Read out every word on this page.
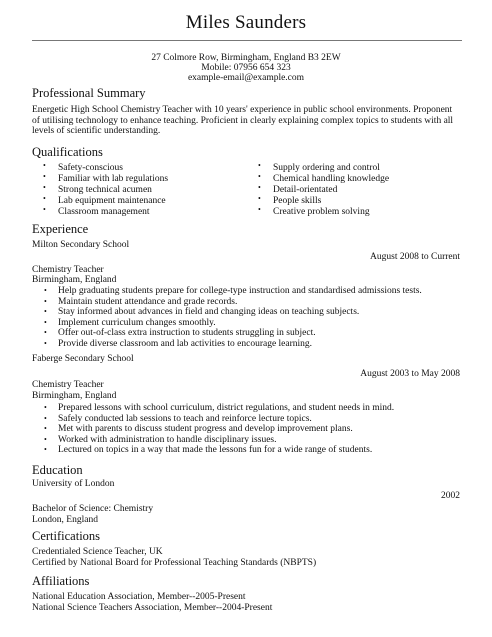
Miles Saunders
27 Colmore Row, Birmingham, England B3 2EW
Mobile: 07956 654 323
example-email@example.com
Professional Summary
Energetic High School Chemistry Teacher with 10 years' experience in public school environments. Proponent of utilising technology to enhance teaching. Proficient in clearly explaining complex topics to students with all levels of scientific understanding.
Qualifications
• Safety-conscious
• Familiar with lab regulations
• Strong technical acumen
• Lab equipment maintenance
• Classroom management
• Supply ordering and control
• Chemical handling knowledge
• Detail-orientated
• People skills
• Creative problem solving
Experience
Milton Secondary School
August 2008 to Current
Chemistry Teacher
Birmingham, England
• Help graduating students prepare for college-type instruction and standardised admissions tests.
• Maintain student attendance and grade records.
• Stay informed about advances in field and changing ideas on teaching subjects.
• Implement curriculum changes smoothly.
• Offer out-of-class extra instruction to students struggling in subject.
• Provide diverse classroom and lab activities to encourage learning.
Faberge Secondary School
August 2003 to May 2008
Chemistry Teacher
Birmingham, England
• Prepared lessons with school curriculum, district regulations, and student needs in mind.
• Safely conducted lab sessions to teach and reinforce lecture topics.
• Met with parents to discuss student progress and develop improvement plans.
• Worked with administration to handle disciplinary issues.
• Lectured on topics in a way that made the lessons fun for a wide range of students.
Education
University of London
2002
Bachelor of Science: Chemistry
London, England
Certifications
Credentialed Science Teacher, UK
Certified by National Board for Professional Teaching Standards (NBPTS)
Affiliations
National Education Association, Member--2005-Present
National Science Teachers Association, Member--2004-Present
